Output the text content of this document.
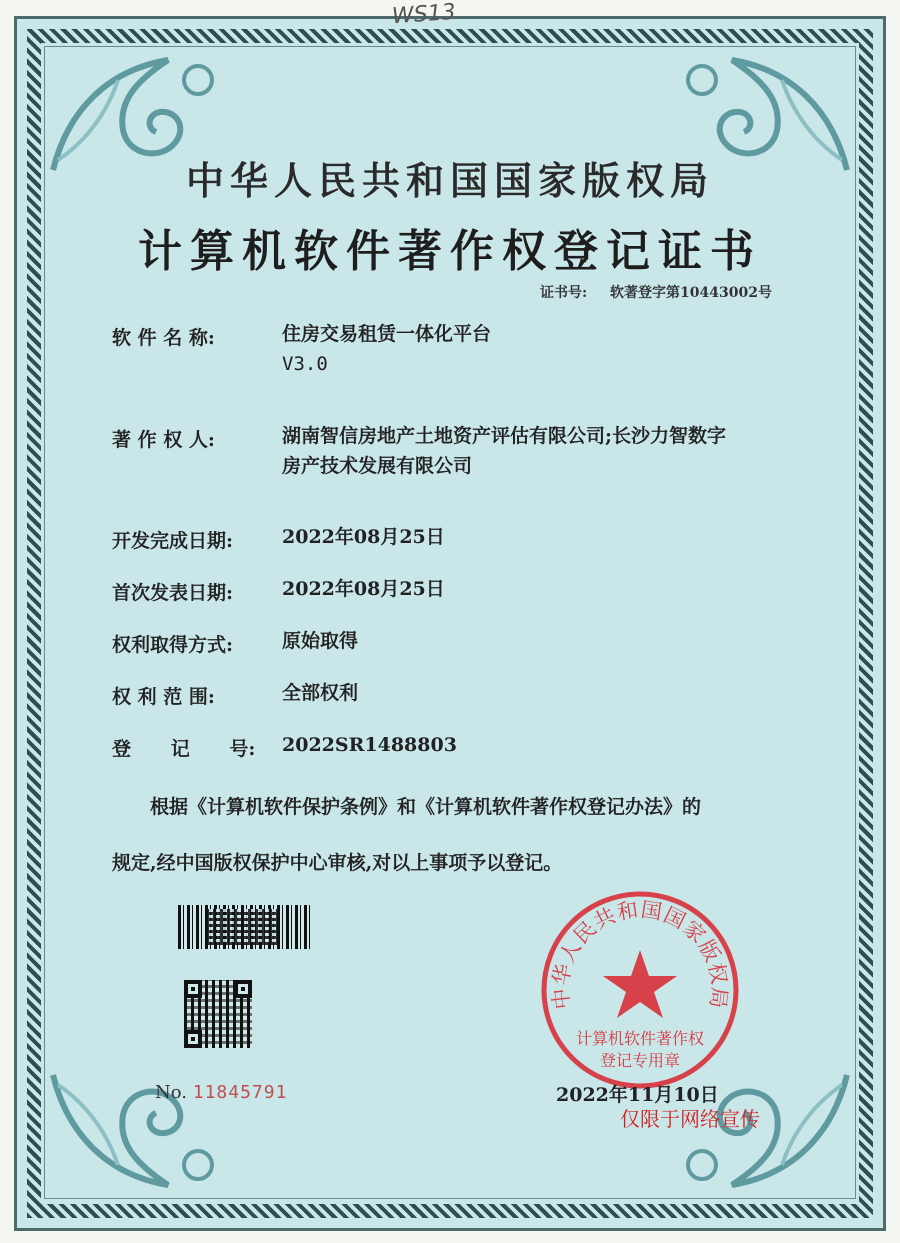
WS13
中华人民共和国国家版权局
计算机软件著作权登记证书
证书号: 软著登字第10443002号
软 件 名 称:	住房交易租赁一体化平台
V3.0
著 作 权 人:	湖南智信房地产土地资产评估有限公司;长沙力智数字
房产技术发展有限公司
开发完成日期:	2022年08月25日
首次发表日期:	2022年08月25日
权利取得方式:	原始取得
权 利 范 围:	全部权利
登      记      号: 2022SR1488803
根据《计算机软件保护条例》和《计算机软件著作权登记办法》的
规定,经中国版权保护中心审核,对以上事项予以登记。
No. 11845791
中华人民共和国国家版权局
计算机软件著作权
登记专用章
2022年11月10日
仅限于网络宣传
